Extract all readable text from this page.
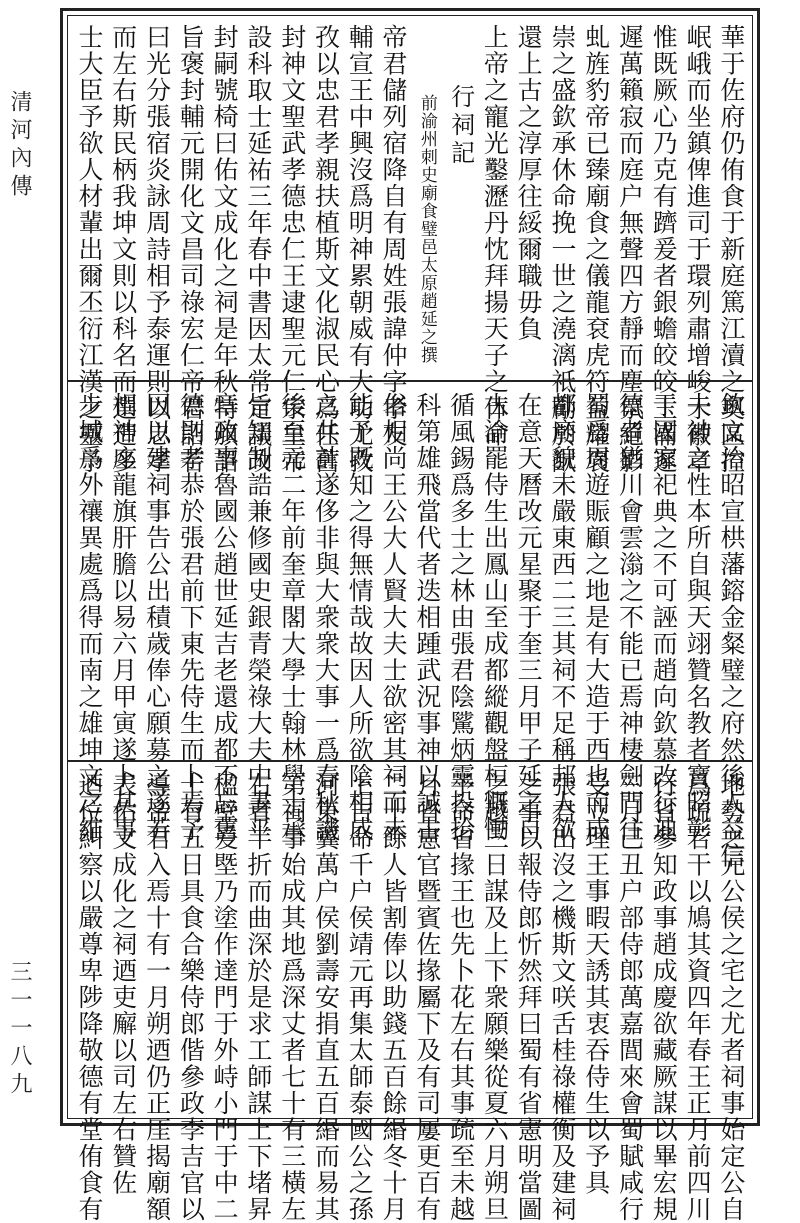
清河內傳
三一一八九
華于佐府仍侑食于新庭篤江瀆之奧區控
岷峨而坐鎮俾進司于環列肅增峻于徽章
惟既厥心乃克有躋爰者銀蟾皎皎玉滿遲
遲萬籟寂而庭户無聲四方靜而塵氛絕影
虬旌豹帝已臻廟食之儀龍袞虎符益耀褒
崇之盛欽承休命挽一世之澆漓祗勵於猷
還上古之淳厚往綏爾職毋負
上帝之寵光鑿瀝丹忱拜揚天子之休命
行祠記
前渝州刺史廟食璧邑太原趙延之撰
帝君儲列宿降自有周姓張諱仲字孝友
輔宣王中興沒爲明神累朝威有大功尤孜
孜以忠君孝親扶植斯文化淑民心爲任舊
封神文聖武孝德忠仁王逮聖元仁宗皇帝
設科取士延祐三年春中書因太常定議改
封嗣號椅曰佑文成化之祠是年秋特頒詔
旨褒封輔元開化文昌司祿宏仁帝君詔若
曰光分張宿炎詠周詩相予泰運則以忠孝
而左右斯民柄我坤文則以科名而選造多
士大臣予欲人材輩出爾丕衍江漢之靈予
欽文治昭宣栱藩鎔金粲璧之府然後人益信
夫神之性本所自與天翊贊名教者寶昭彰
于國家祀典之不可誣而趙向欽慕改行迪
德者猶川會雲滃之不能已焉神棲劍門往
蜀爲周遊賑顧之地是有大造于西也而成
都廟貌未嚴東西二三其祠不足稱邦人欲
在意天曆改元星聚于奎三月甲子延之自
古渝罷侍生出鳳山至成都縱觀盤桓慨慟
循風錫爲多士之林由張君陰騭炳靈投拾
科第雄飛當代者迭相踵武況事神以誠古
俗相尚王公大人賢大夫士欲密其祠而未
能予既知之得無情哉故因人所欲陰相成
之共計遂侈非與大衆衆大事一爲春秋譏
後至元二年前奎章閣大學士翰林學士承
旨知制誥兼修國史銀青榮祿大夫中書平
章政事魯國公趙世延吉老還成都不忘舊
德則孝恭於張君前下東先侍生而卜焉予
因以建祠事告公出積歲俸心願募之遂若
相神座龍旗肝膽以易六月甲寅遂卜其事
步城爲外禳異處爲得而南之雄坤文之維
地勢之元公侯之宅之尤者祠事始定公自
爲疏若干以鳩其資四年春王正月前四川
行省參知政事趙成慶欲藏厥謀以畢宏規
三月己丑户部侍郎萬嘉閭來會蜀賦咸行
受立理王事暇天誘其衷吞侍生以予具
張君出沒之機斯文咲舌桂祿權衡及建祠
之事以報侍郎忻然拜曰蜀有省憲明當圖
之越三日謀及上下衆願樂從夏六月朔旦
予命省掾王也先卜花左右其事疏至未越
月省憲官暨賓佐掾屬下及有司屢更百有
二十餘人皆割俸以助錢五百餘緡冬十月
上吉命千户侯靖元再集太師泰國公之孫
河東翼萬户侯劉壽安捐直五百緡而易其
第祠事始成其地爲深丈者七十有三橫左
右者半折而曲深於是求工師謀上下堵昇
楹壁爰塈乃塗作達門于外峙小門于中二
十有五日具食合樂侍郎偕參政李吉官以
導帝君入焉十有一月朔迺仍正厓揭廟額
表佑文成化之祠迺吏廨以司左右贊佐
迺位糾察以嚴尊卑陟降敬德有堂侑食有
